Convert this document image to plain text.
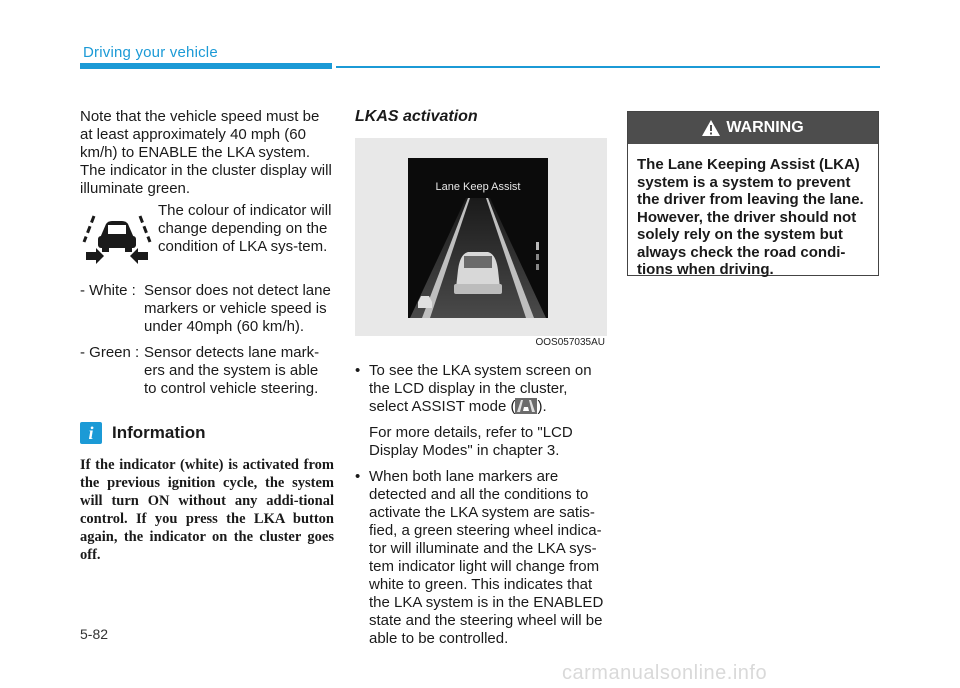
Driving your vehicle

Note that the vehicle speed must be at least approximately 40 mph (60 km/h) to ENABLE the LKA system. The indicator in the cluster display will illuminate green.

The colour of indicator will change depending on the condition of LKA sys-tem.
- White : Sensor does not detect lane markers or vehicle speed is under 40mph (60 km/h).
- Green : Sensor detects lane mark-ers and the system is able to control vehicle steering.
i	Information
If the indicator (white) is activated from the previous ignition cycle, the system will turn ON without any addi-tional control. If you press the LKA button again, the indicator on the cluster goes off.

LKAS activation

Lane Keep Assist
OOS057035AU
• To see the LKA system screen on the LCD display in the cluster, select ASSIST mode ( ).
For more details, refer to "LCD Display Modes" in chapter 3.
• When both lane markers are detected and all the conditions to activate the LKA system are satis-fied, a green steering wheel indica-tor will illuminate and the LKA sys-tem indicator light will change from white to green. This indicates that the LKA system is in the ENABLED state and the steering wheel will be able to be controlled.
WARNING
The Lane Keeping Assist (LKA) system is a system to prevent the driver from leaving the lane. However, the driver should not solely rely on the system but always check the road condi-tions when driving.
5-82
carmanualsonline.info
